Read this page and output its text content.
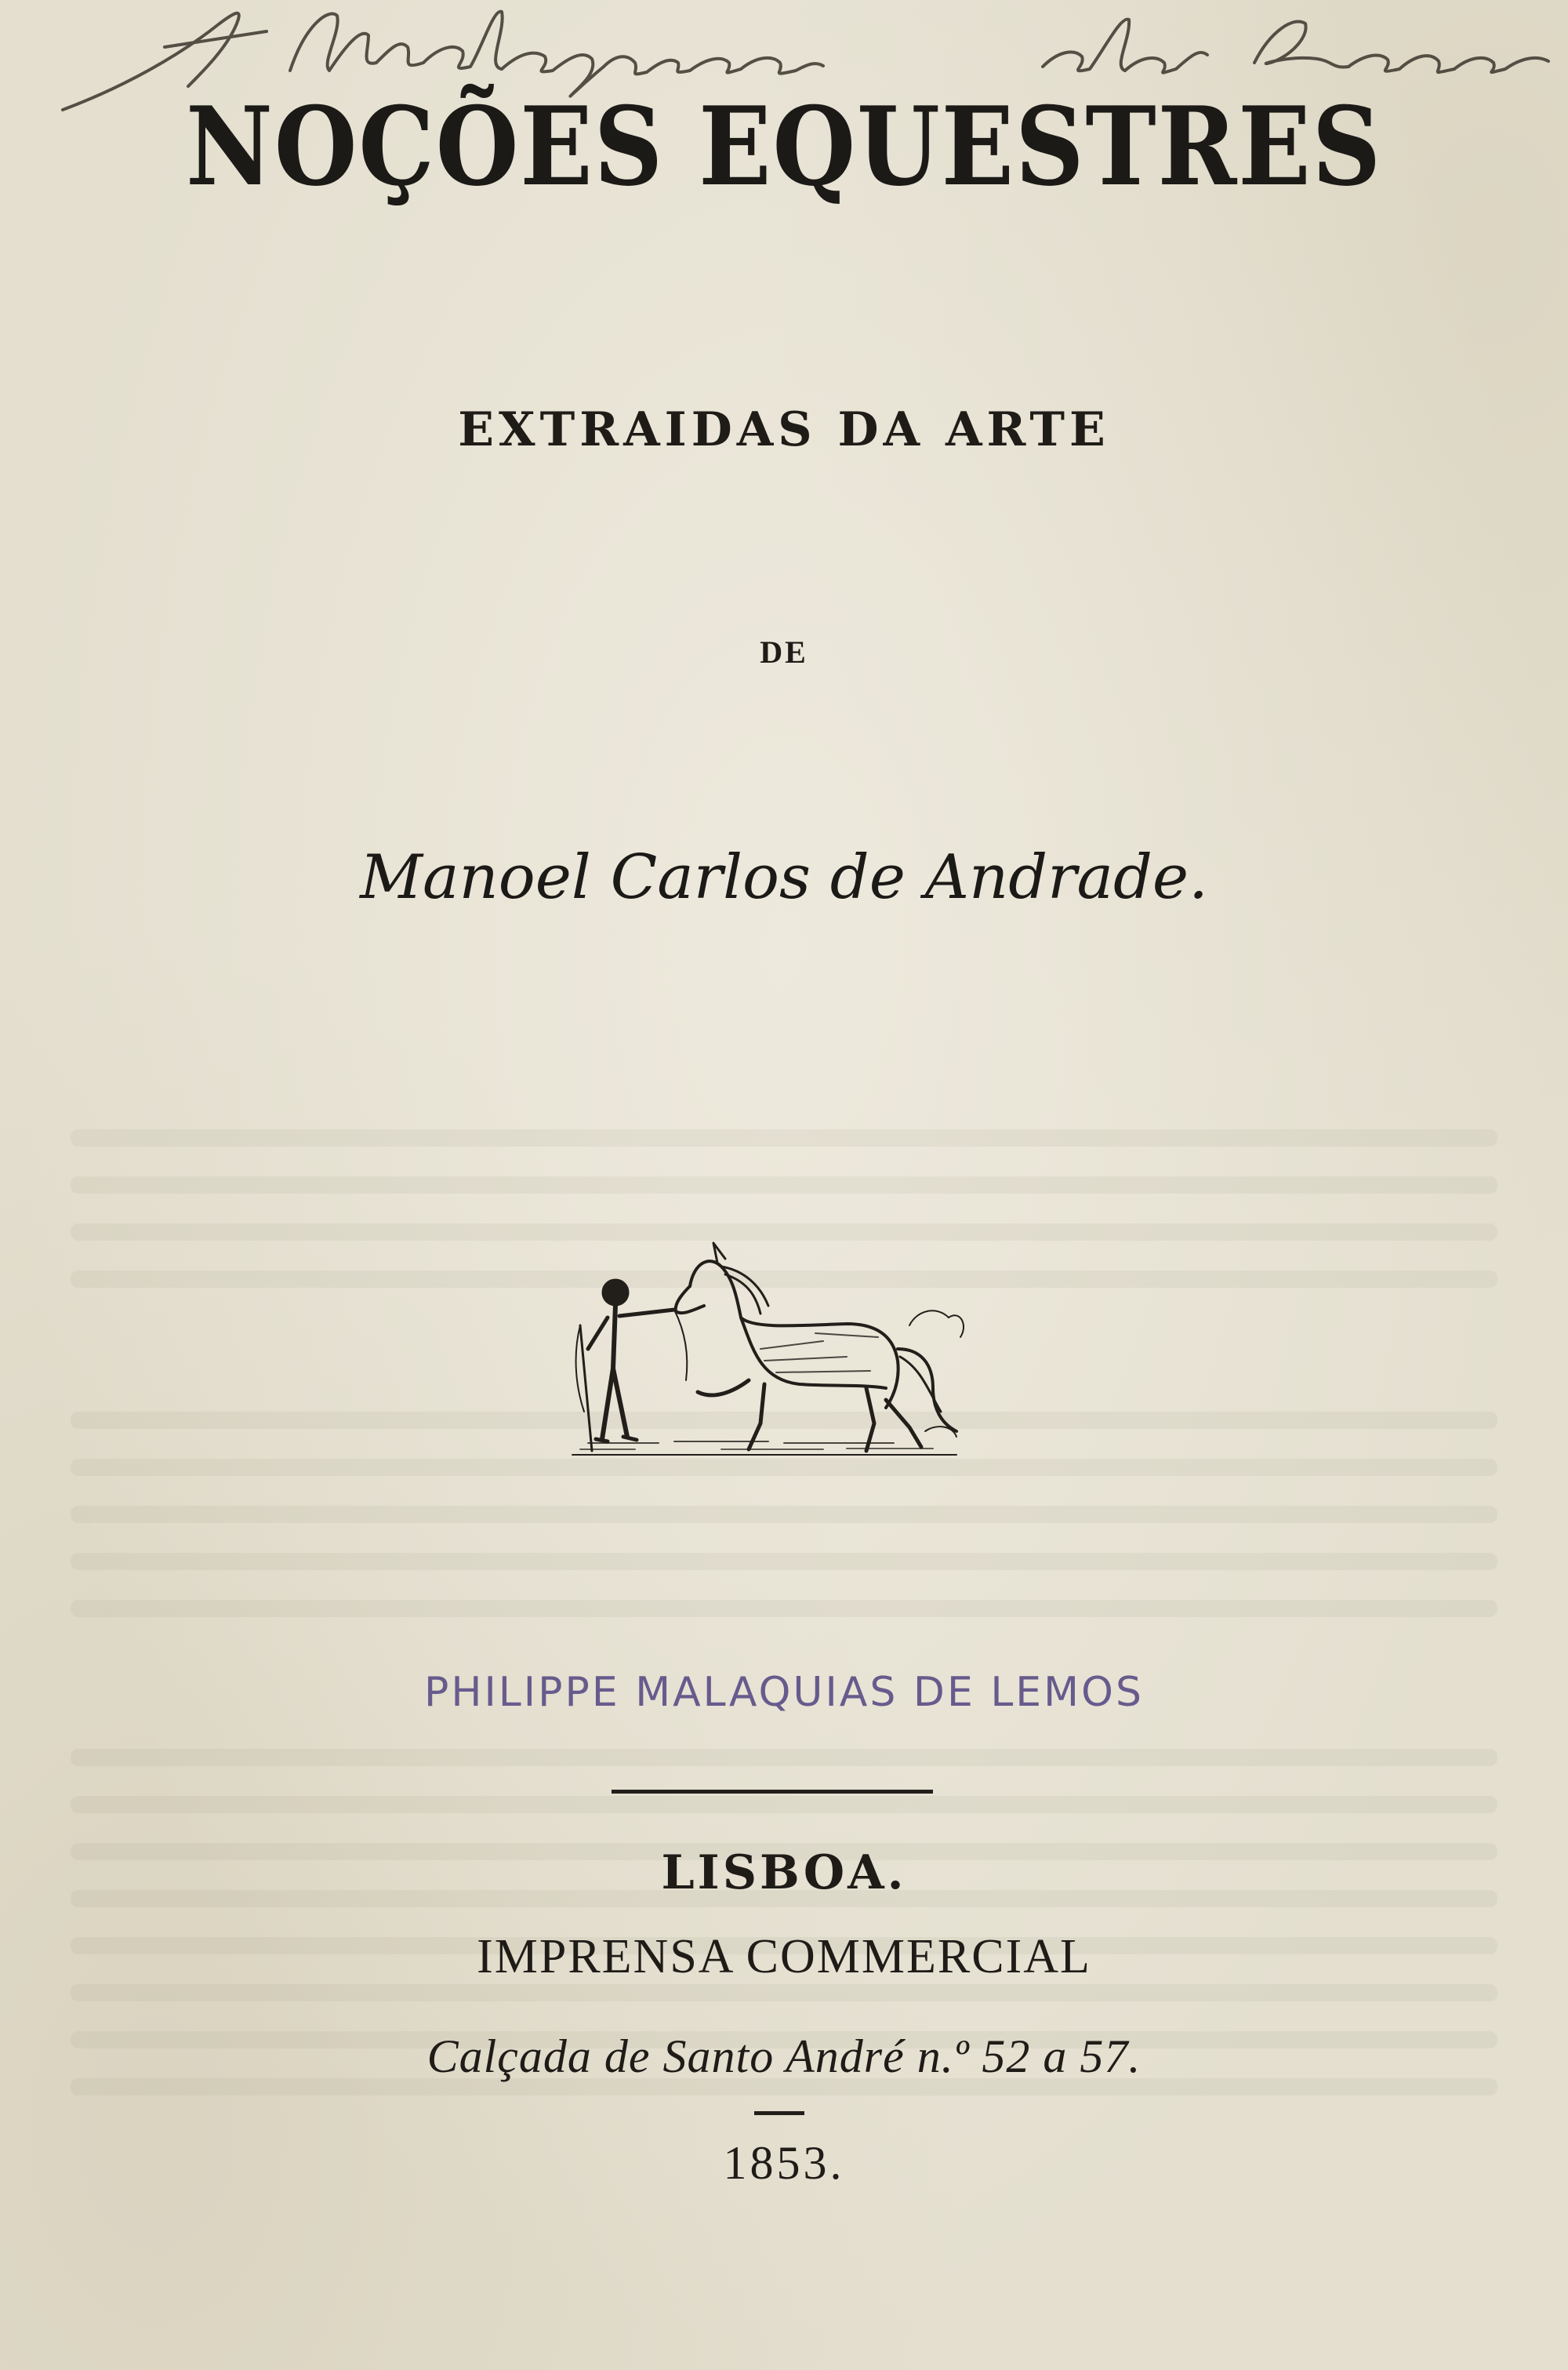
NOÇÕES EQUESTRES
EXTRAIDAS DA ARTE
DE
Manoel Carlos de Andrade.
PHILIPPE MALAQUIAS DE LEMOS
LISBOA.
IMPRENSA COMMERCIAL
Calçada de Santo André n.º 52 a 57.
1853.
